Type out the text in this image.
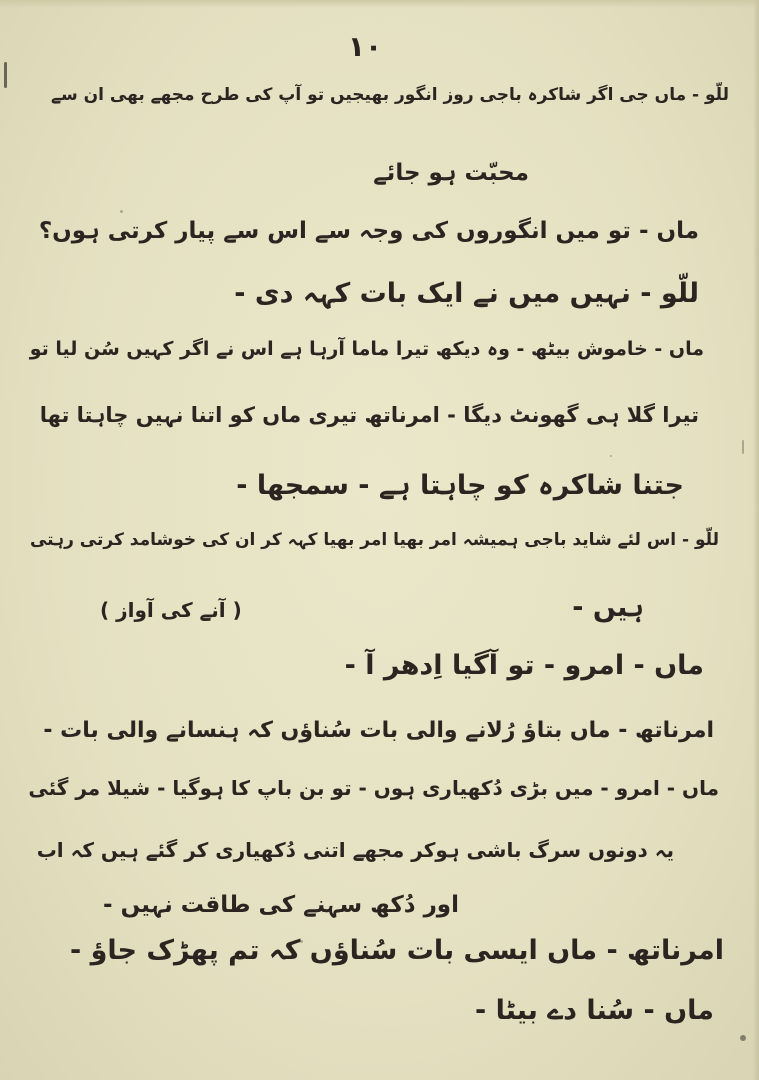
۱۰
للّو - ماں جی اگر شاکرہ باجی روز انگور بھیجیں تو آپ کی طرح مجھے بھی ان سے
محبّت ہو جائے
ماں - تو میں انگوروں کی وجہ سے اس سے پیار کرتی ہوں؟
للّو - نہیں میں نے ایک بات کہہ دی -
ماں - خاموش بیٹھ - وہ دیکھ تیرا ماما آرہا ہے اس نے اگر کہیں سُن لیا تو
تیرا گلا ہی گھونٹ دیگا - امرناتھ تیری ماں کو اتنا نہیں چاہتا تھا
جتنا شاکرہ کو چاہتا ہے - سمجھا -
للّو - اس لئے شاید باجی ہمیشہ امر بھیا امر بھیا کہہ کر ان کی خوشامد کرتی رہتی
ہیں -
( آنے کی آواز )
ماں - امرو - تو آگیا اِدھر آ -
امرناتھ - ماں بتاؤ رُلانے والی بات سُناؤں کہ ہنسانے والی بات -
ماں - امرو - میں بڑی دُکھیاری ہوں - تو بن باپ کا ہوگیا - شیلا مر گئی
یہ دونوں سرگ باشی ہوکر مجھے اتنی دُکھیاری کر گئے ہیں کہ اب
اور دُکھ سہنے کی طاقت نہیں -
امرناتھ - ماں ایسی بات سُناؤں کہ تم پھڑک جاؤ -
ماں - سُنا دے بیٹا -
